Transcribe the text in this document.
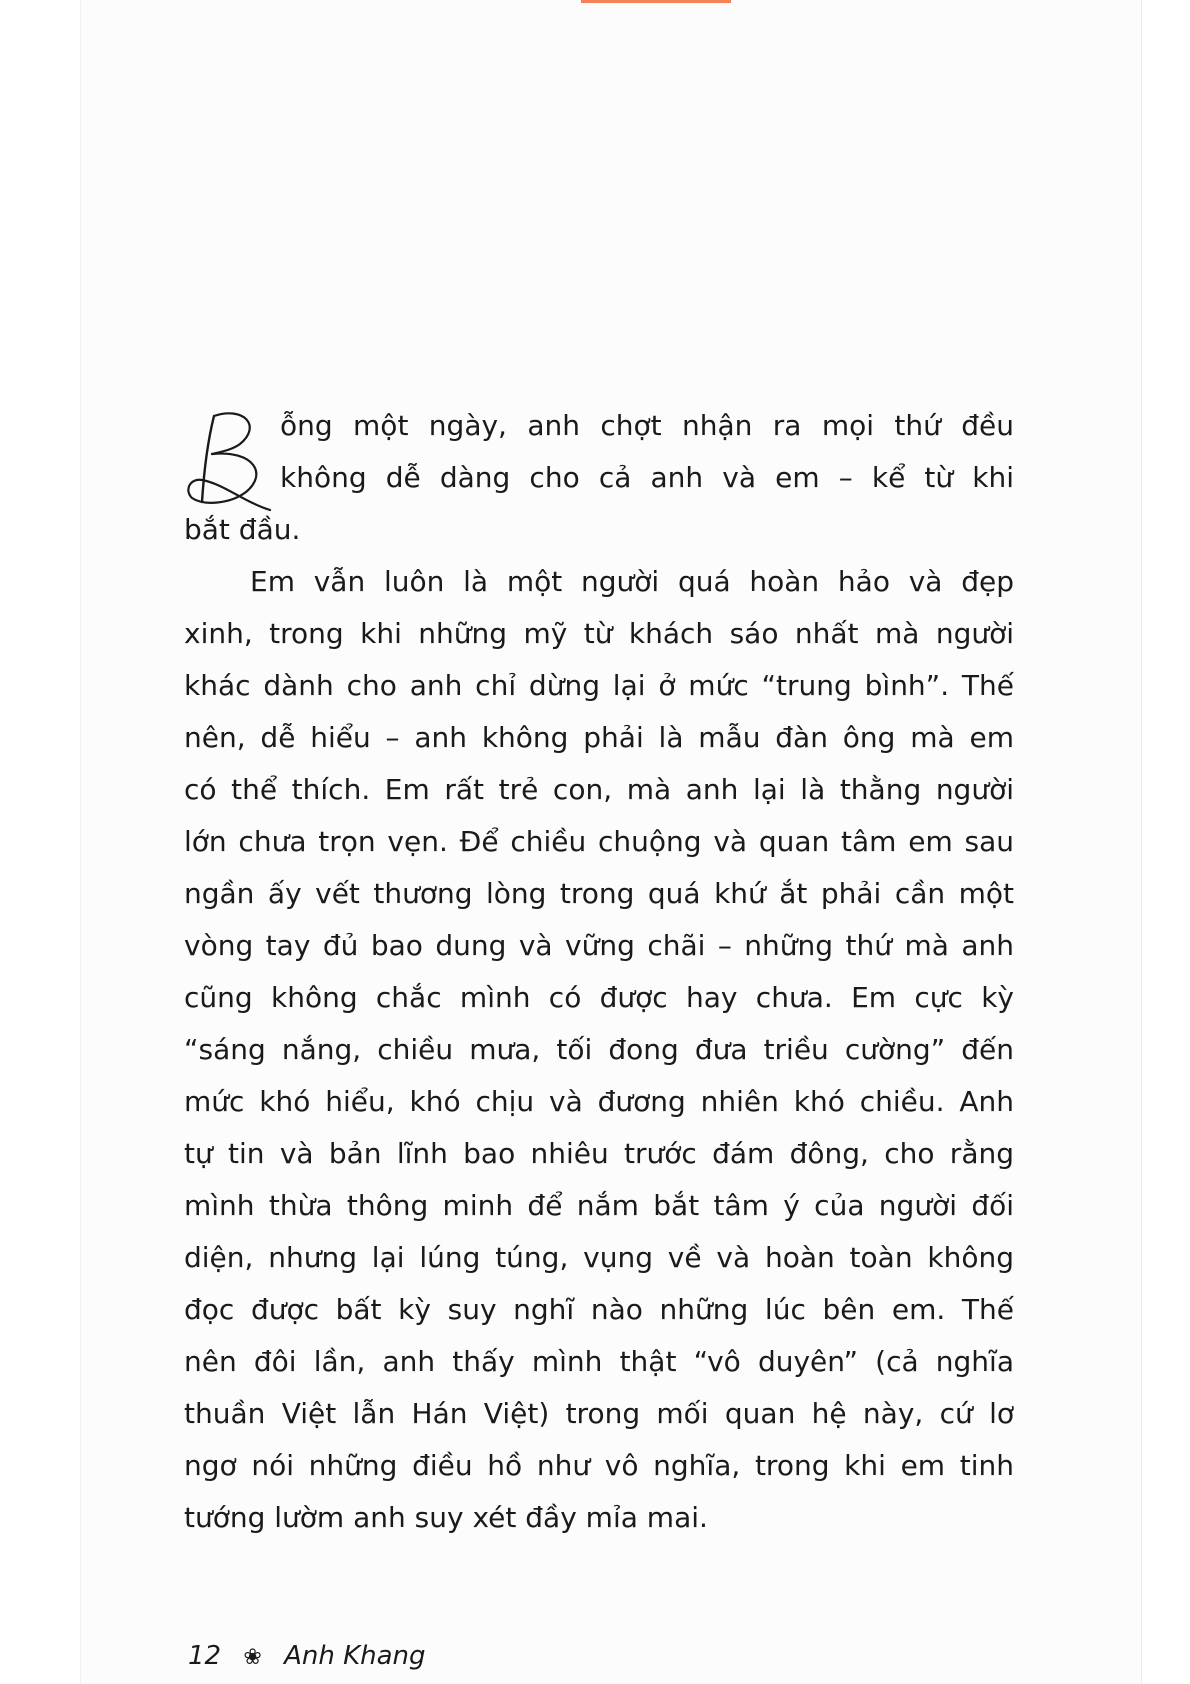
ỗng một ngày, anh chợt nhận ra mọi thứ đều
không dễ dàng cho cả anh và em – kể từ khi
bắt đầu.
Em vẫn luôn là một người quá hoàn hảo và đẹp
xinh, trong khi những mỹ từ khách sáo nhất mà người
khác dành cho anh chỉ dừng lại ở mức “trung bình”. Thế
nên, dễ hiểu – anh không phải là mẫu đàn ông mà em
có thể thích. Em rất trẻ con, mà anh lại là thằng người
lớn chưa trọn vẹn. Để chiều chuộng và quan tâm em sau
ngần ấy vết thương lòng trong quá khứ ắt phải cần một
vòng tay đủ bao dung và vững chãi – những thứ mà anh
cũng không chắc mình có được hay chưa. Em cực kỳ
“sáng nắng, chiều mưa, tối đong đưa triều cường” đến
mức khó hiểu, khó chịu và đương nhiên khó chiều. Anh
tự tin và bản lĩnh bao nhiêu trước đám đông, cho rằng
mình thừa thông minh để nắm bắt tâm ý của người đối
diện, nhưng lại lúng túng, vụng về và hoàn toàn không
đọc được bất kỳ suy nghĩ nào những lúc bên em. Thế
nên đôi lần, anh thấy mình thật “vô duyên” (cả nghĩa
thuần Việt lẫn Hán Việt) trong mối quan hệ này, cứ lơ
ngơ nói những điều hồ như vô nghĩa, trong khi em tinh
tướng lườm anh suy xét đầy mỉa mai.
12 ❀ Anh Khang
